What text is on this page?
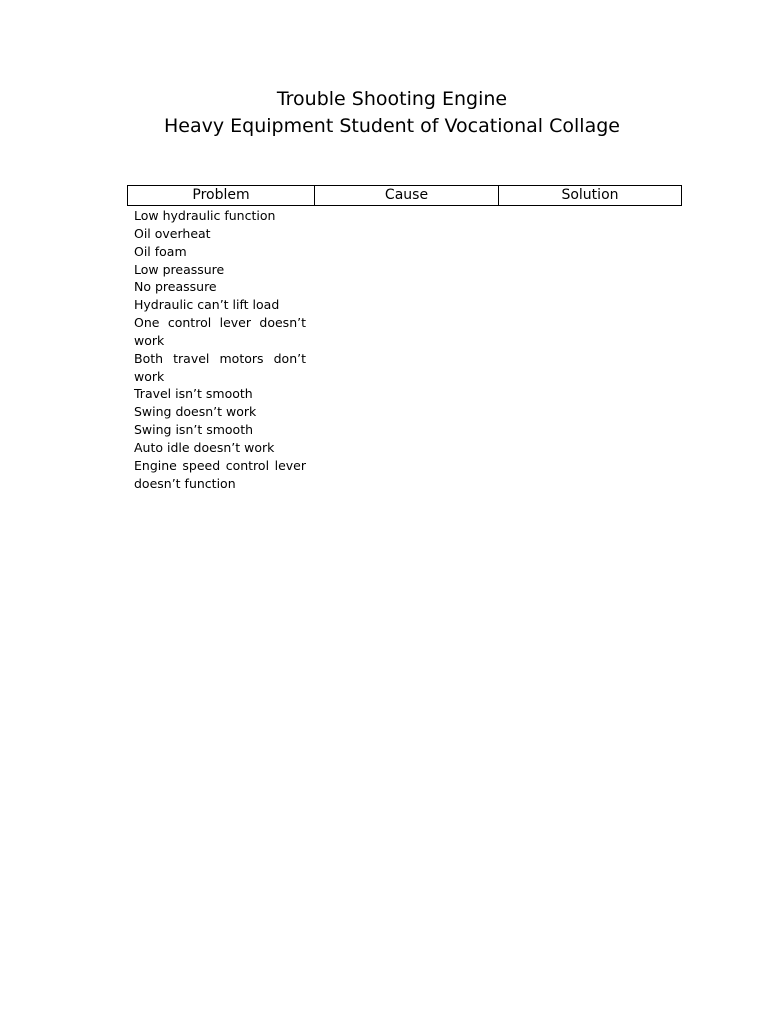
Trouble Shooting Engine
Heavy Equipment Student of Vocational Collage
Problem	Cause	Solution
Low hydraulic function
Oil overheat
Oil foam
Low preassure
No preassure
Hydraulic can’t lift load
One control lever doesn’t work
Both travel motors don’t work
Travel isn’t smooth
Swing doesn’t work
Swing isn’t smooth
Auto idle doesn’t work
Engine speed control lever doesn’t function
